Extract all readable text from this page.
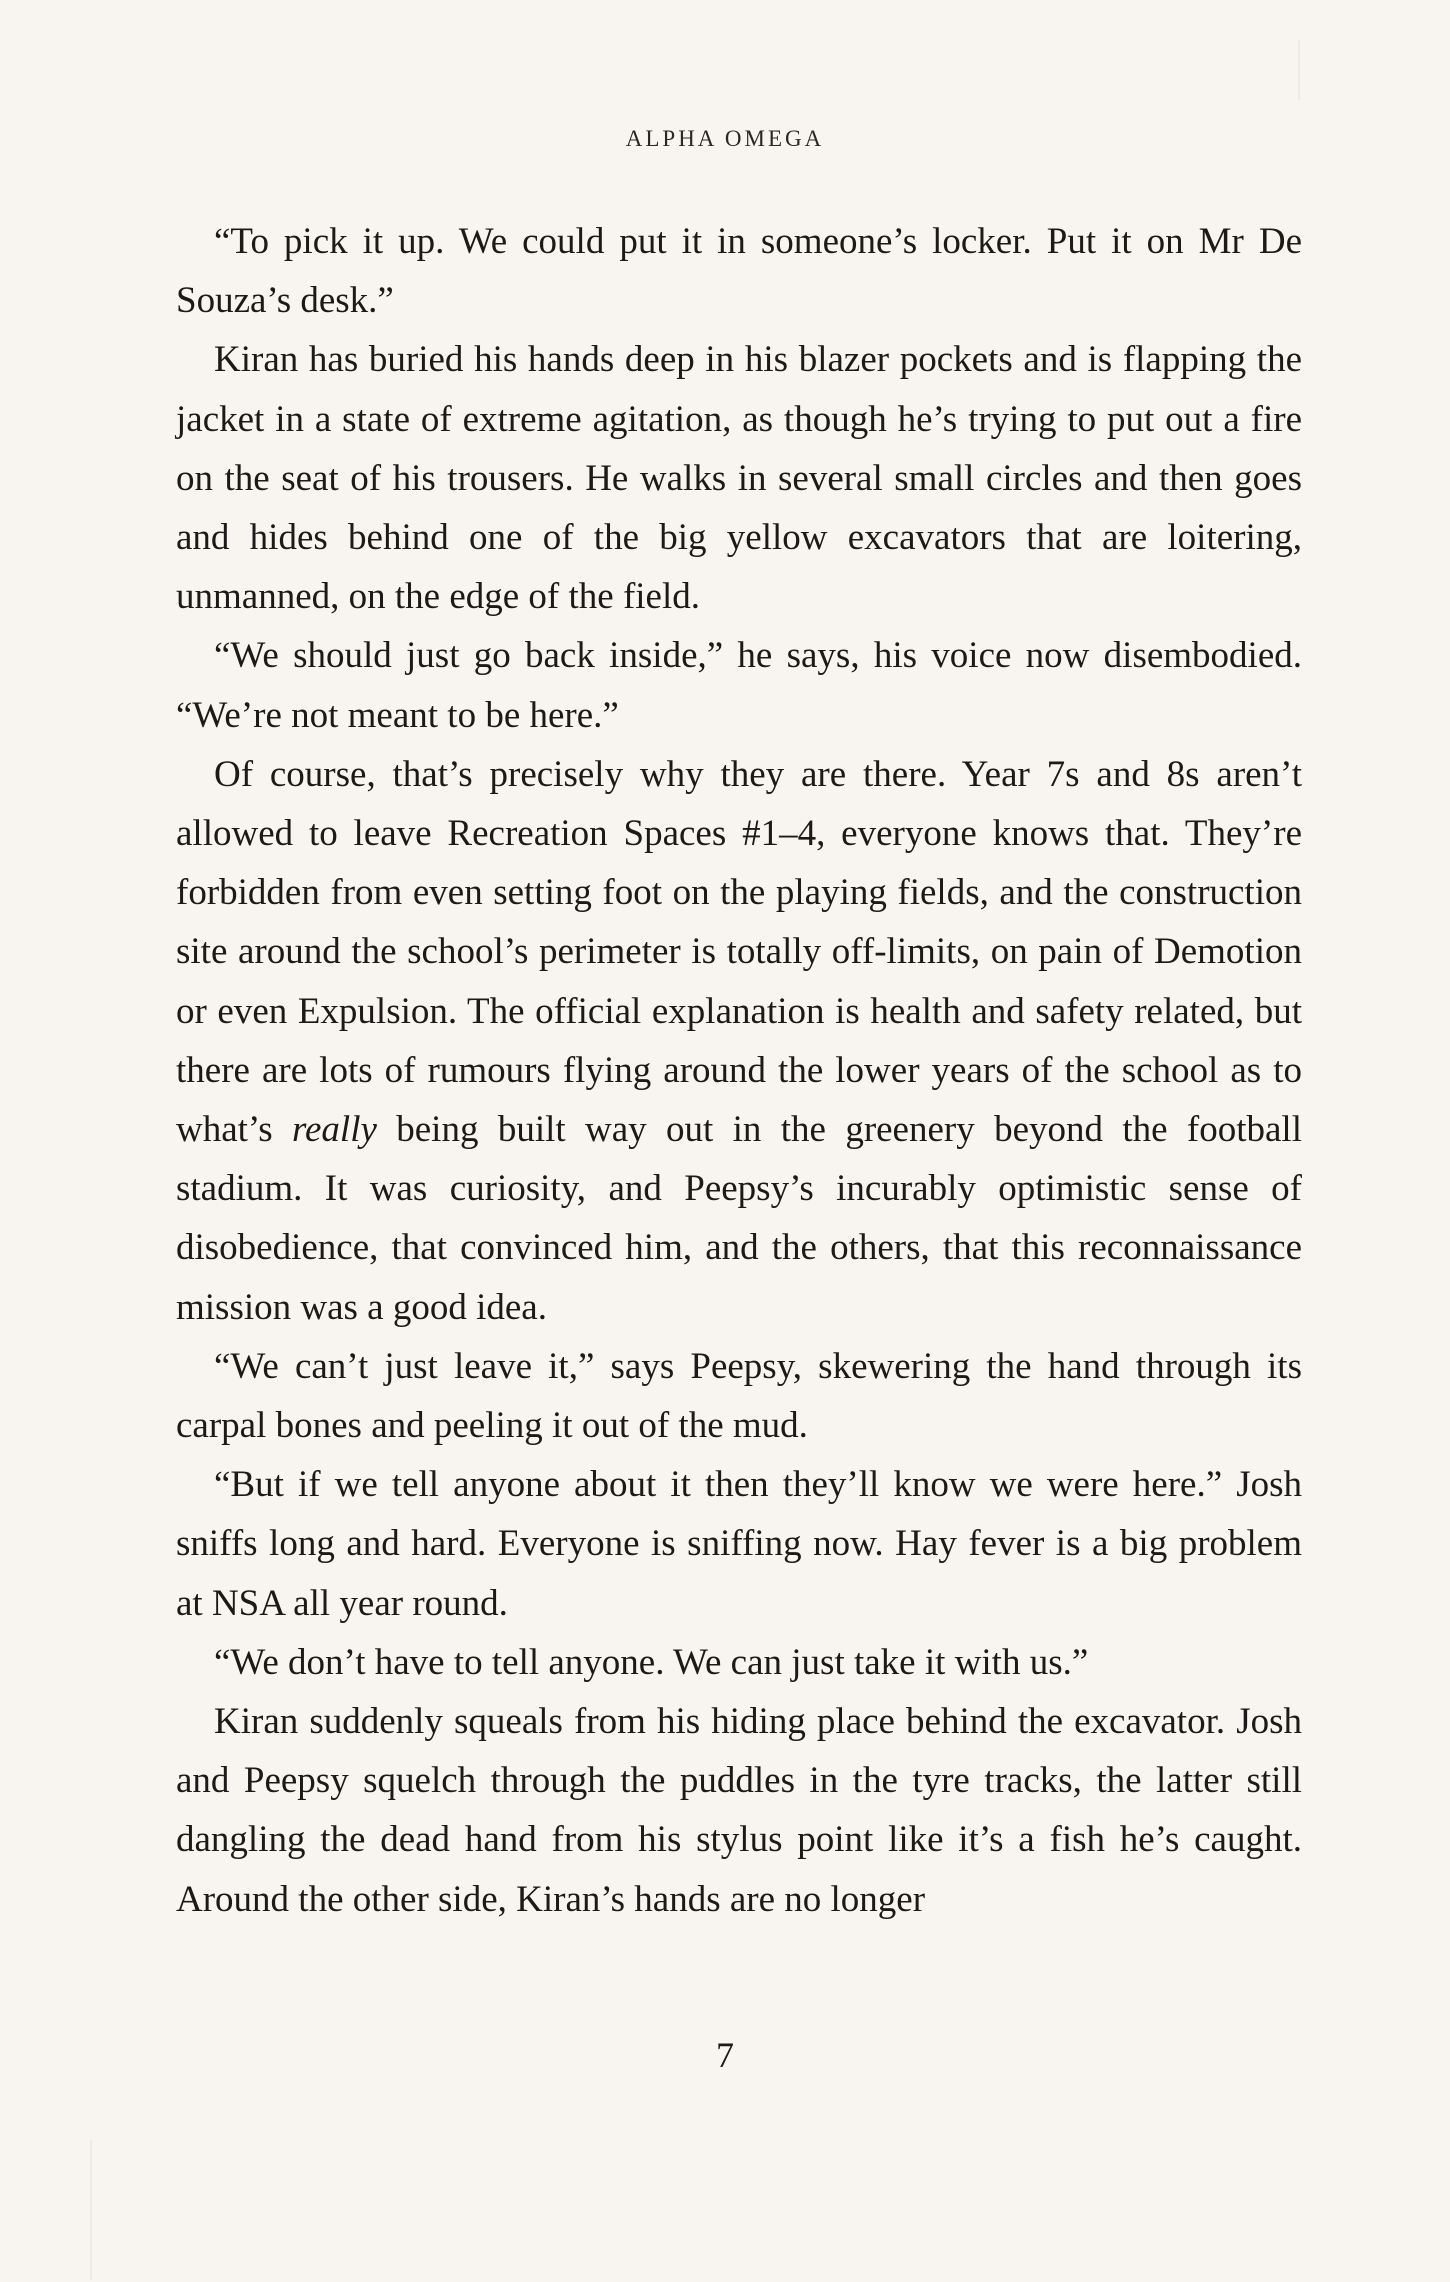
ALPHA OMEGA

“To pick it up. We could put it in someone’s locker. Put it on Mr De Souza’s desk.”

Kiran has buried his hands deep in his blazer pockets and is flapping the jacket in a state of extreme agitation, as though he’s trying to put out a fire on the seat of his trousers. He walks in several small circles and then goes and hides behind one of the big yellow excavators that are loitering, unmanned, on the edge of the field.

“We should just go back inside,” he says, his voice now disembodied. “We’re not meant to be here.”

Of course, that’s precisely why they are there. Year 7s and 8s aren’t allowed to leave Recreation Spaces #1–4, everyone knows that. They’re forbidden from even setting foot on the playing fields, and the construction site around the school’s perimeter is totally off-limits, on pain of Demotion or even Expulsion. The official explanation is health and safety related, but there are lots of rumours flying around the lower years of the school as to what’s really being built way out in the greenery beyond the football stadium. It was curiosity, and Peepsy’s incurably optimistic sense of disobedience, that convinced him, and the others, that this reconnaissance mission was a good idea.

“We can’t just leave it,” says Peepsy, skewering the hand through its carpal bones and peeling it out of the mud.

“But if we tell anyone about it then they’ll know we were here.” Josh sniffs long and hard. Everyone is sniffing now. Hay fever is a big problem at NSA all year round.

“We don’t have to tell anyone. We can just take it with us.”

Kiran suddenly squeals from his hiding place behind the excavator. Josh and Peepsy squelch through the puddles in the tyre tracks, the latter still dangling the dead hand from his stylus point like it’s a fish he’s caught. Around the other side, Kiran’s hands are no longer

7
